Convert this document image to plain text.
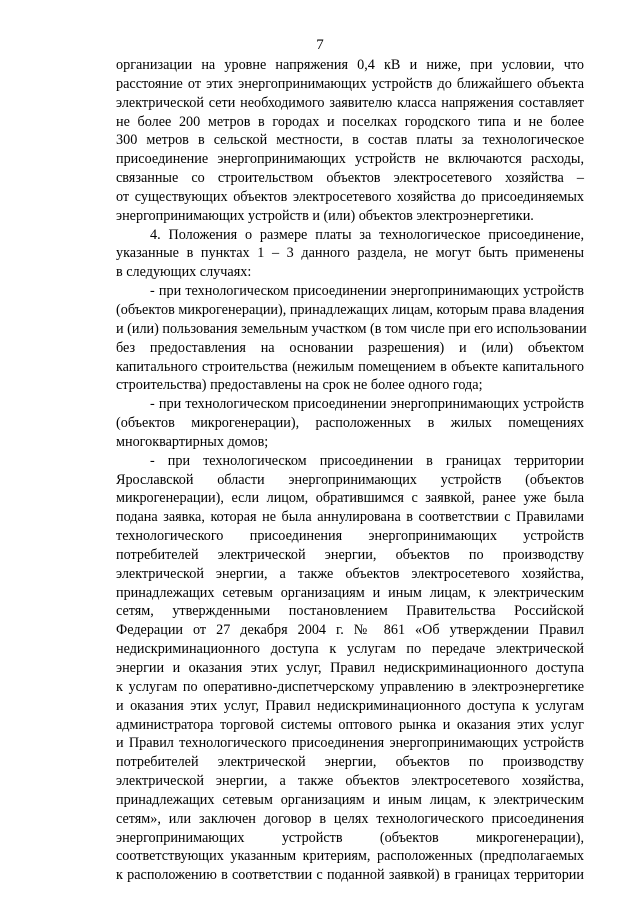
7
организации на уровне напряжения 0,4 кВ и ниже, при условии, что
расстояние от этих энергопринимающих устройств до ближайшего объекта
электрической сети необходимого заявителю класса напряжения составляет
не более 200 метров в городах и поселках городского типа и не более
300 метров в сельской местности, в состав платы за технологическое
присоединение энергопринимающих устройств не включаются расходы,
связанные со строительством объектов электросетевого хозяйства –
от существующих объектов электросетевого хозяйства до присоединяемых
энергопринимающих устройств и (или) объектов электроэнергетики.
4. Положения о размере платы за технологическое присоединение,
указанные в пунктах 1 – 3 данного раздела, не могут быть применены
в следующих случаях:
- при технологическом присоединении энергопринимающих устройств
(объектов микрогенерации), принадлежащих лицам, которым права владения
и (или) пользования земельным участком (в том числе при его использовании
без предоставления на основании разрешения) и (или) объектом
капитального строительства (нежилым помещением в объекте капитального
строительства) предоставлены на срок не более одного года;
- при технологическом присоединении энергопринимающих устройств
(объектов микрогенерации), расположенных в жилых помещениях
многоквартирных домов;
- при технологическом присоединении в границах территории
Ярославской области энергопринимающих устройств (объектов
микрогенерации), если лицом, обратившимся с заявкой, ранее уже была
подана заявка, которая не была аннулирована в соответствии с Правилами
технологического присоединения энергопринимающих устройств
потребителей электрической энергии, объектов по производству
электрической энергии, а также объектов электросетевого хозяйства,
принадлежащих сетевым организациям и иным лицам, к электрическим
сетям, утвержденными постановлением Правительства Российской
Федерации от 27 декабря 2004 г. № 861 «Об утверждении Правил
недискриминационного доступа к услугам по передаче электрической
энергии и оказания этих услуг, Правил недискриминационного доступа
к услугам по оперативно-диспетчерскому управлению в электроэнергетике
и оказания этих услуг, Правил недискриминационного доступа к услугам
администратора торговой системы оптового рынка и оказания этих услуг
и Правил технологического присоединения энергопринимающих устройств
потребителей электрической энергии, объектов по производству
электрической энергии, а также объектов электросетевого хозяйства,
принадлежащих сетевым организациям и иным лицам, к электрическим
сетям», или заключен договор в целях технологического присоединения
энергопринимающих устройств (объектов микрогенерации),
соответствующих указанным критериям, расположенных (предполагаемых
к расположению в соответствии с поданной заявкой) в границах территории
